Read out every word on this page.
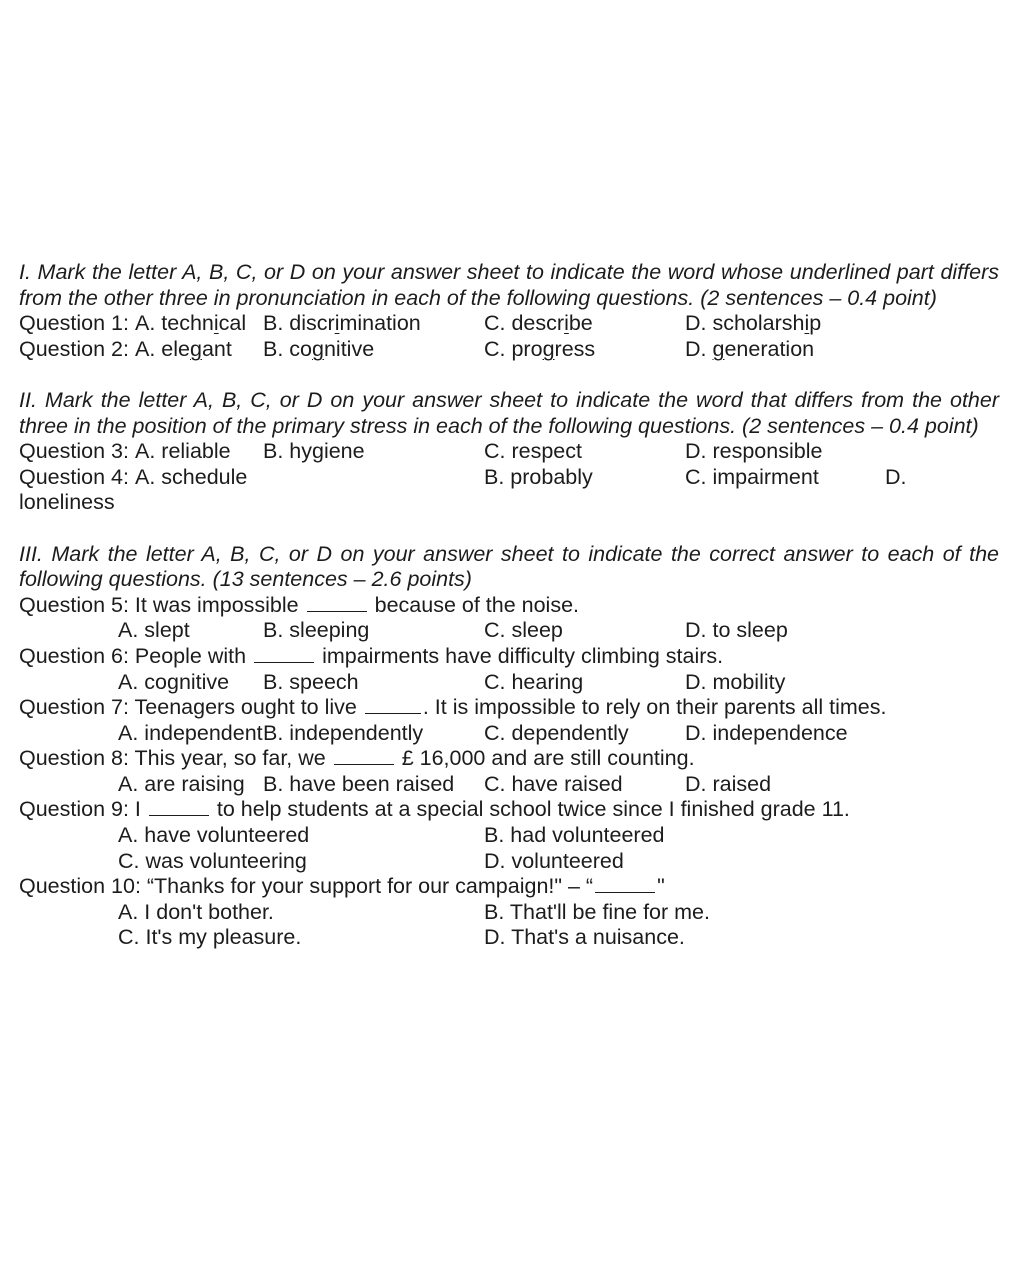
I. Mark the letter A, B, C, or D on your answer sheet to indicate the word whose underlined part differs from the other three in pronunciation in each of the following questions. (2 sentences – 0.4 point)
Question 1: A. technical B. discrimination	C. describe	D. scholarship
Question 2: A. elegant B. cognitive	C. progress	D. generation
II. Mark the letter A, B, C, or D on your answer sheet to indicate the word that differs from the other three in the position of the primary stress in each of the following questions. (2 sentences – 0.4 point)
Question 3: A. reliable B. hygiene	C. respect	D. responsible
Question 4: A. schedule	B. probably	C. impairment	D.
loneliness
III. Mark the letter A, B, C, or D on your answer sheet to indicate the correct answer to each of the following questions. (13 sentences – 2.6 points)
Question 5: It was impossible	because of the noise.
A. slept	B. sleeping	C. sleep	D. to sleep
Question 6: People with	impairments have difficulty climbing stairs.
A. cognitive B. speech	C. hearing	D. mobility
Question 7: Teenagers ought to live	. It is impossible to rely on their parents all times.
A. independent B. independently	C. dependently	D. independence
Question 8: This year, so far, we	£ 16,000 and are still counting.
A. are raising B. have been raised C. have raised	D. raised
Question 9: I	to help students at a special school twice since I finished grade 11.
A. have volunteered	B. had volunteered
C. was volunteering	D. volunteered
Question 10: “Thanks for your support for our campaign!" – “	"
A. I don't bother.	B. That'll be fine for me.
C. It's my pleasure.	D. That's a nuisance.
